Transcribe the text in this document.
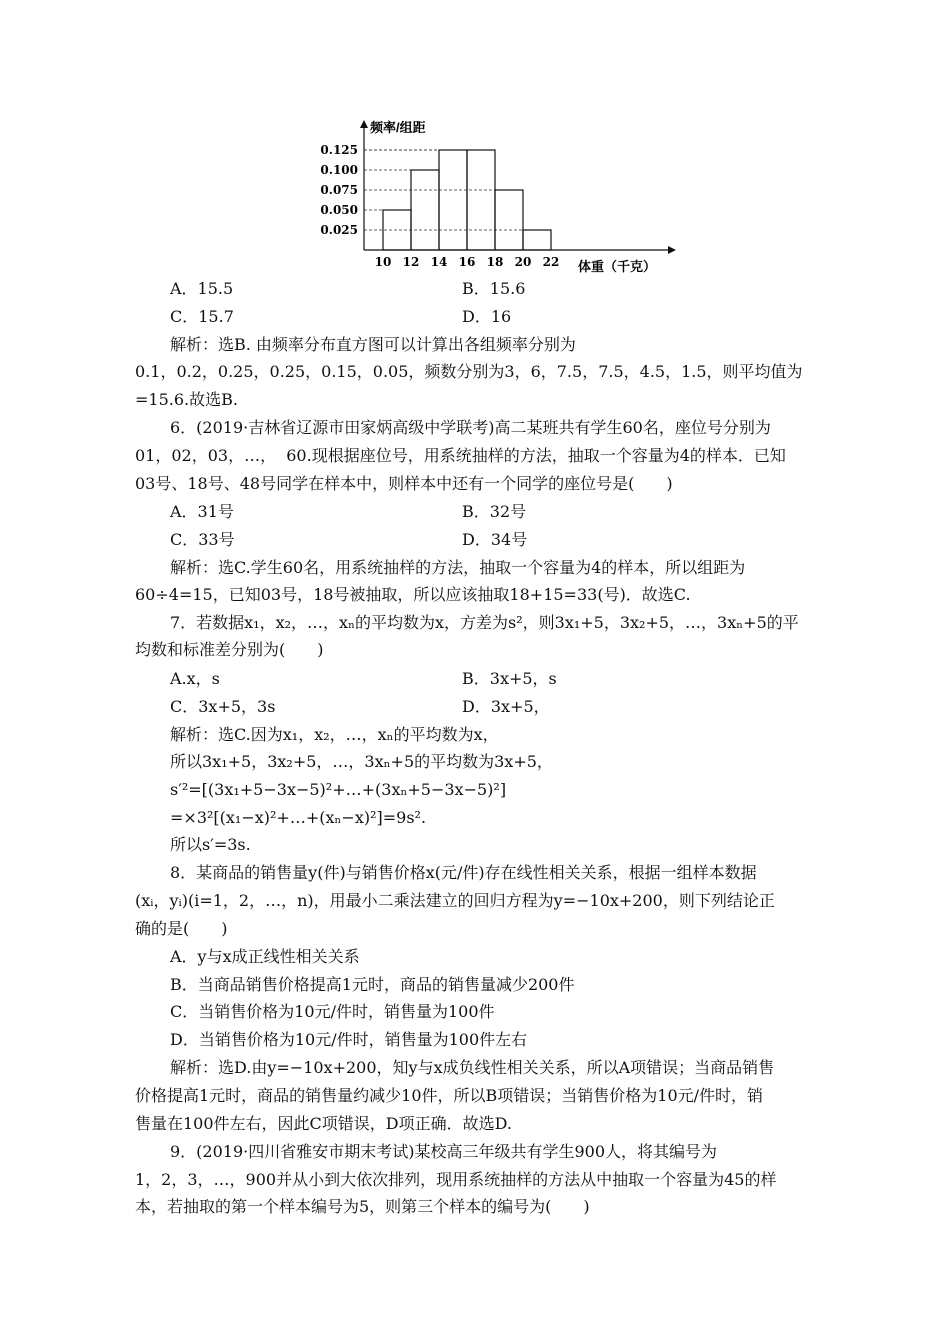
0.125
0.100
0.075
0.050
0.025
10 12 14 16 18 20 22
频率/组距
体重（千克）
A．15.5	B．15.6
C．15.7	D．16
解析：选B. 由频率分布直方图可以计算出各组频率分别为
0.1，0.2，0.25，0.25，0.15，0.05，频数分别为3，6，7.5，7.5，4.5，1.5，则平均值为
=15.6.故选B.
6．(2019·吉林省辽源市田家炳高级中学联考)高二某班共有学生60名，座位号分别为
01，02，03，…，  60.现根据座位号，用系统抽样的方法，抽取一个容量为4的样本．已知
03号、18号、48号同学在样本中，则样本中还有一个同学的座位号是(　　)
A．31号	B．32号
C．33号	D．34号
解析：选C.学生60名，用系统抽样的方法，抽取一个容量为4的样本，所以组距为
60÷4=15，已知03号，18号被抽取，所以应该抽取18+15=33(号)．故选C.
7．若数据x₁，x₂，…，xₙ的平均数为x，方差为s²，则3x₁+5，3x₂+5，…，3xₙ+5的平
均数和标准差分别为(　　)
A.x，s	B．3x+5，s
C．3x+5，3s	D．3x+5，
解析：选C.因为x₁，x₂，…，xₙ的平均数为x，
所以3x₁+5，3x₂+5，…，3xₙ+5的平均数为3x+5，
s′²=[(3x₁+5−3x−5)²+…+(3xₙ+5−3x−5)²]
=×3²[(x₁−x)²+…+(xₙ−x)²]=9s².
所以s′=3s.
8．某商品的销售量y(件)与销售价格x(元/件)存在线性相关关系，根据一组样本数据
(xᵢ，yᵢ)(i=1，2，…，n)，用最小二乘法建立的回归方程为y=−10x+200，则下列结论正
确的是(　　)
A．y与x成正线性相关关系
B．当商品销售价格提高1元时，商品的销售量减少200件
C．当销售价格为10元/件时，销售量为100件
D．当销售价格为10元/件时，销售量为100件左右
解析：选D.由y=−10x+200，知y与x成负线性相关关系，所以A项错误；当商品销售
价格提高1元时，商品的销售量约减少10件，所以B项错误；当销售价格为10元/件时，销
售量在100件左右，因此C项错误，D项正确．故选D.
9．(2019·四川省雅安市期末考试)某校高三年级共有学生900人，将其编号为
1，2，3，…，900并从小到大依次排列，现用系统抽样的方法从中抽取一个容量为45的样
本，若抽取的第一个样本编号为5，则第三个样本的编号为(　　)
